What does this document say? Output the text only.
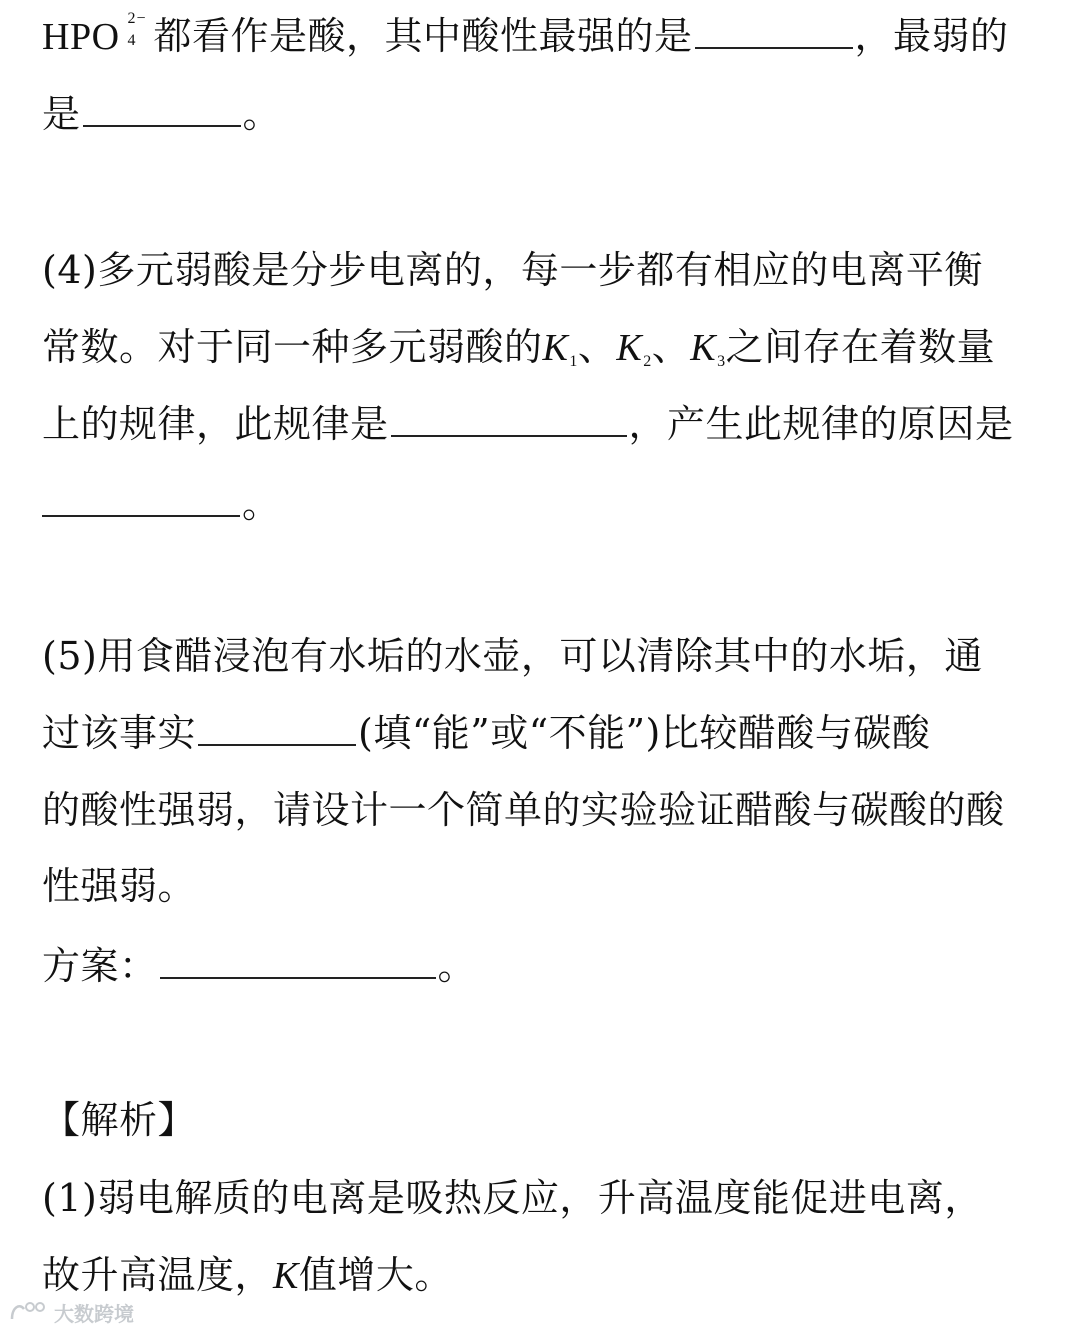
HPO 2−
4 都看作是酸，其中酸性最强的是	，最弱的
是	。
(4)多元弱酸是分步电离的，每一步都有相应的电离平衡
常数。对于同一种多元弱酸的K1、K2、K3之间存在着数量
上的规律，此规律是	，产生此规律的原因是
。
(5)用食醋浸泡有水垢的水壶，可以清除其中的水垢，通
过该事实	(填“能”或“不能”)比较醋酸与碳酸
的酸性强弱，请设计一个简单的实验验证醋酸与碳酸的酸
性强弱。
方案：	。
【解析】
(1)弱电解质的电离是吸热反应，升高温度能促进电离，
故升高温度，K值增大。
大数跨境
